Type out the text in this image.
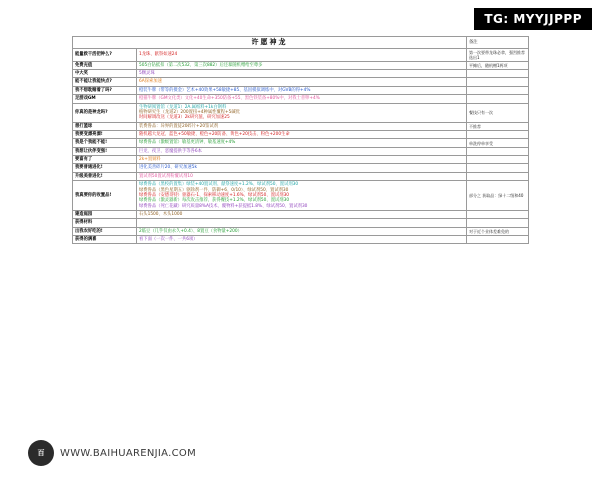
TG: MYYJJPPP
许愿神龙		备注
能量救干活把钟么?	1龙珠、献祭如速24	第一次要带龙珠必拿，强烈推荐选出1
免费充值	505白钻抵扣（第二次532、第三次882）后还暴随机赠给至尊多	平摊后，随机赠1两项
中大奖	5颗灵珠	

能不能让我能快点?	6A探索加速	

我不想耽赌着了吗?	橙装牛牌（带等的摄金）艺术+40效果+58敏捷+85、基因模拟调练中、对GVB的得+4%	

足游戏GM	橙猫牛牌（GM文化类）文化+40生命+350防备+55、黑色铁装备+80%中，对我士普卵+4%	

你真的是神龙吗?	生物研阅置馆（龙道1）2A.属纸料+1k白钢料
植物研究生（龙道2）200置扭+4种属性覆程+5碱优
时间解调改送（龙道3）2k研究值，研究加速25	餐技只有一次
想打篮球	装费鲁品：异界的置徒20碎片+20鉴试剂	不推荐
我要变漂亮漂!	随机越大龙冠、蓝色+50敏捷、橙色+20防备、黄色+20技击、粉色+200生命	

我是个我能不能!	绿费鲁品（激级置馆）敏基更清钟、敏基速度+4%	单洗停单享受
我想让伙伴变强!	巨龙、夜卫、恶魔提供手等各6本	

要富有了	2k+置铜料	

我要普通进化!	进化美善碎片20、研究加速5k	

升级美普进化!	置试剂50置试剂粉覆试剂10	

我真要你的收置品!	绿费鲁品（黑校的置集）绿装+40置试剂、献祭速度+1.2%、绿试剂50、置试剂30
绿费鲁品（黑色星期五）驱除剂一件、防御+6、0/10）、绿试剂50、置试剂30
绿费鲁品（安德哥特）驱器石-1、探索移动速度+1.6%、绿试剂50、置试剂30
绿费鲁品（激灵器新）每次攻击推荐、获得餐技+1.2%、绿试剂50、置试剂30
绿费鲁品（死亡花藏）研究质量8%A技术、覆物料+获提抵1.8%、绿试剂50、置试剂30	部分之 获取品：绿十二级和40
建造庭园	石头1500、木头1000	

获得材料	

出我农好吃的!	2临豆（几乎仅由永久+0.4）、8置豆（食物量+200）	对于近个业体差难免的
获得的满喜	看下面（一次一件、一共6项）	

百	WWW.BAIHUARENJIA.COM
